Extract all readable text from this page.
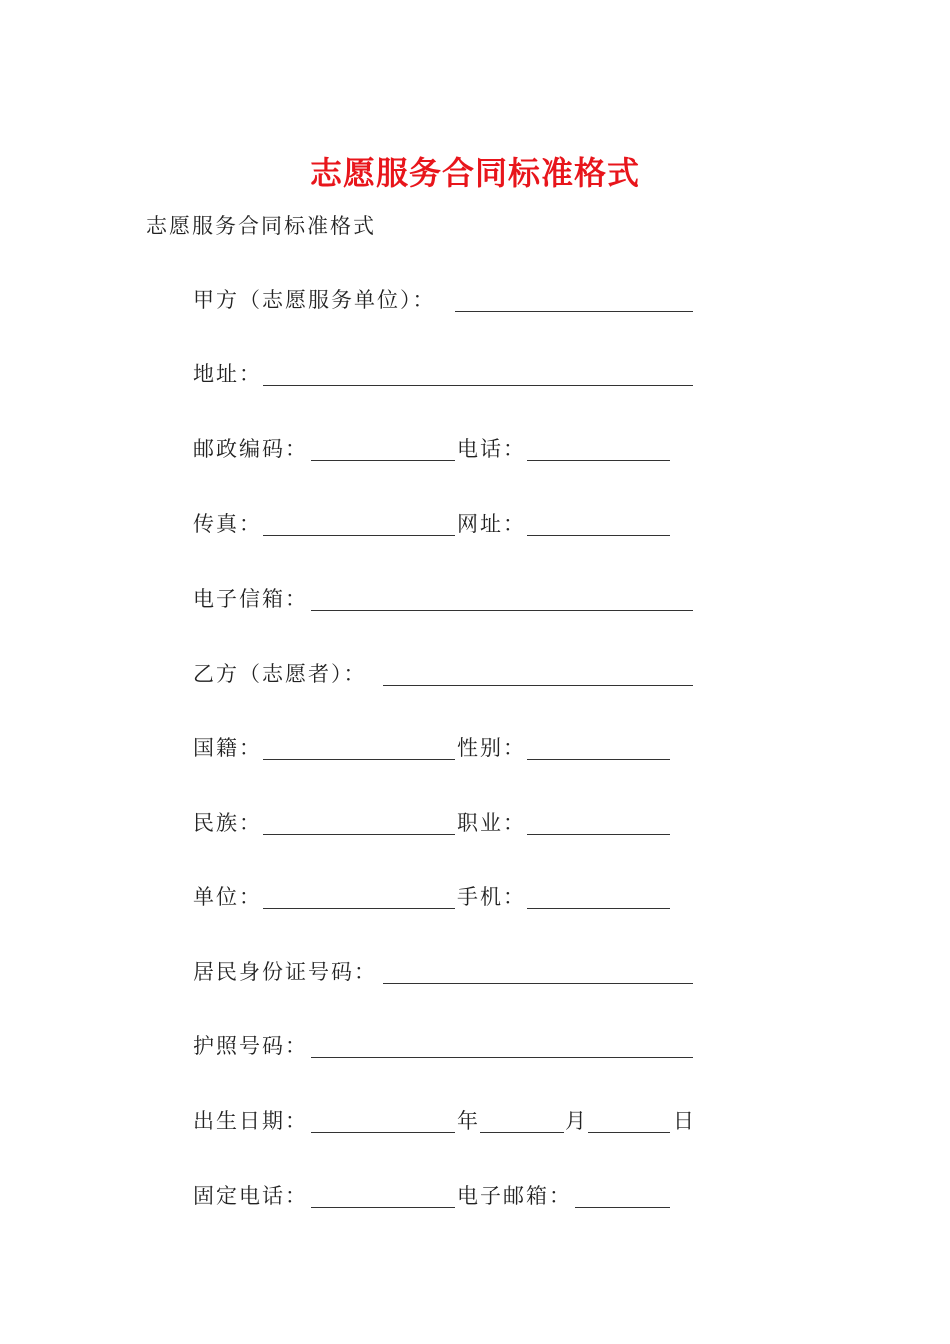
志愿服务合同标准格式
志愿服务合同标准格式
甲方（志愿服务单位）：
地址：
邮政编码：	电话：
传真：	网址：
电子信箱：
乙方（志愿者）：
国籍：	性别：
民族：	职业：
单位：	手机：
居民身份证号码：
护照号码：
出生日期：	年	月	日
固定电话：	电子邮箱：
